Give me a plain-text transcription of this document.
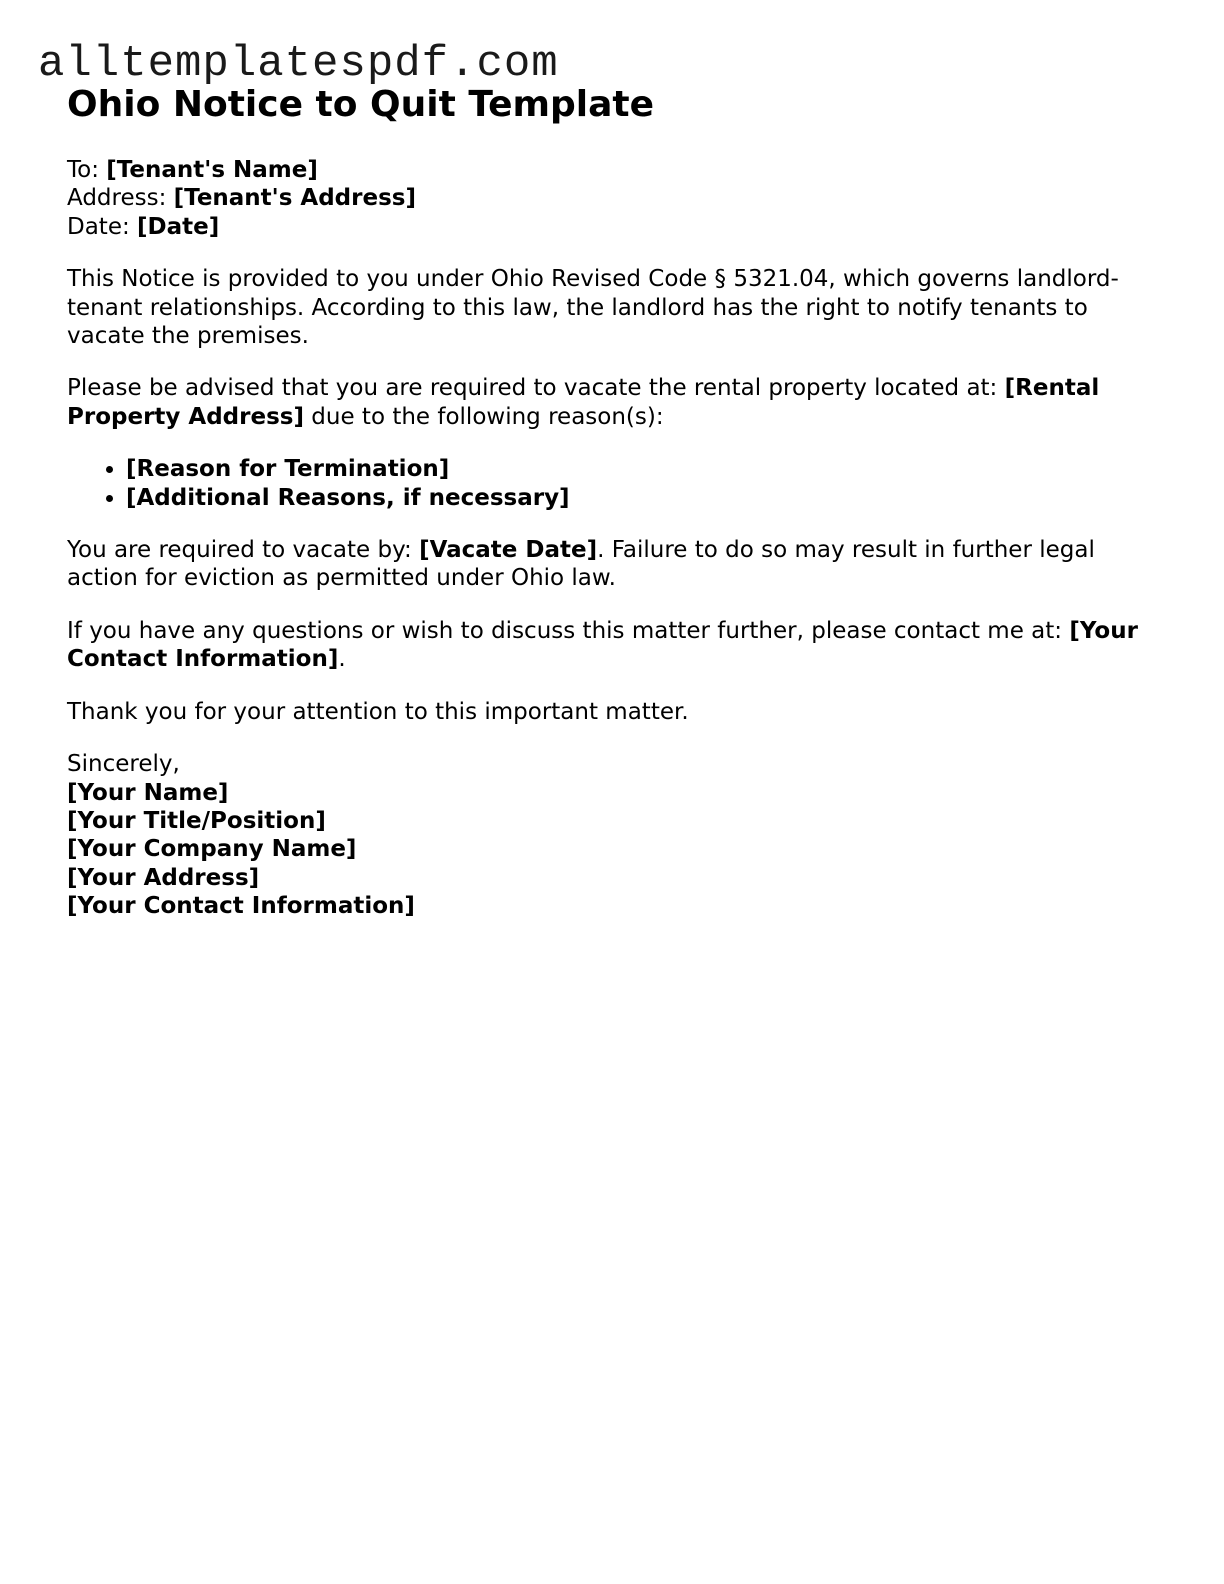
alltemplatespdf.com
Ohio Notice to Quit Template

To: [Tenant's Name]
Address: [Tenant's Address]
Date: [Date]

This Notice is provided to you under Ohio Revised Code § 5321.04, which governs landlord-tenant relationships. According to this law, the landlord has the right to notify tenants to vacate the premises.

Please be advised that you are required to vacate the rental property located at: [Rental Property Address] due to the following reason(s):

• [Reason for Termination]
• [Additional Reasons, if necessary]

You are required to vacate by: [Vacate Date]. Failure to do so may result in further legal action for eviction as permitted under Ohio law.

If you have any questions or wish to discuss this matter further, please contact me at: [Your Contact Information].

Thank you for your attention to this important matter.

Sincerely,
[Your Name]
[Your Title/Position]
[Your Company Name]
[Your Address]
[Your Contact Information]
